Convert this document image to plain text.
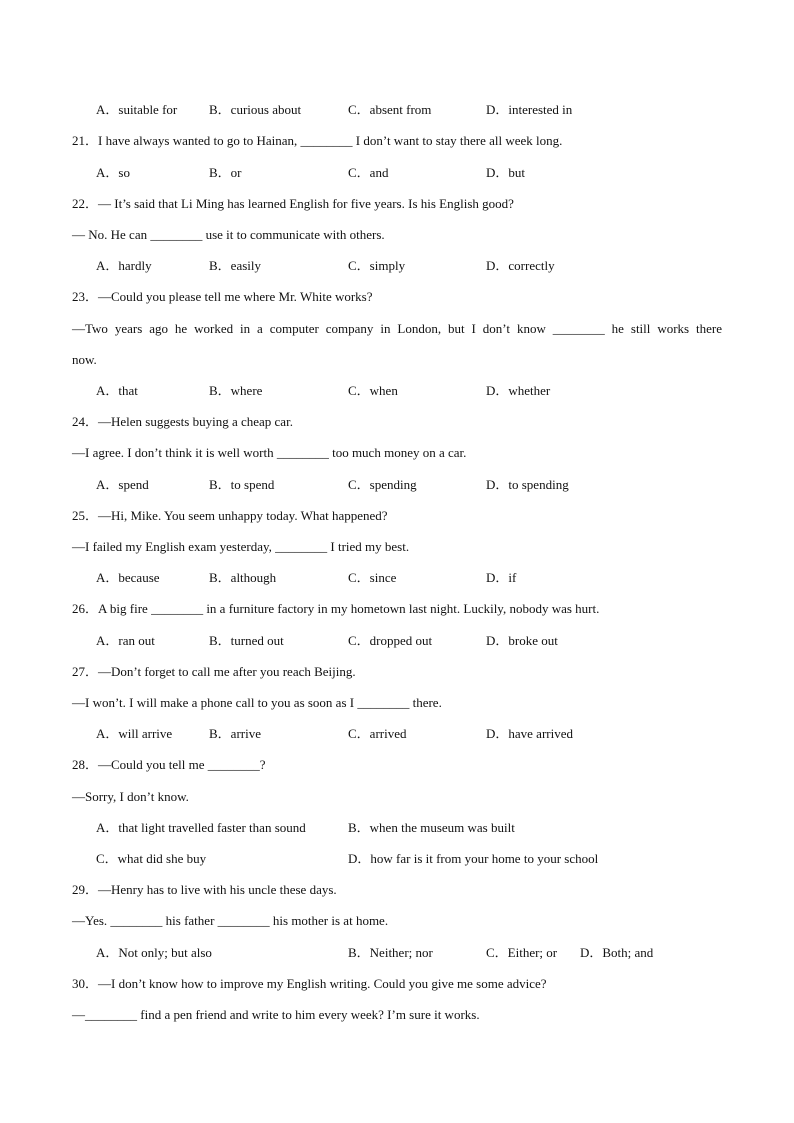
A．suitable for B．curious about	C．absent from	D．interested in
21．I have always wanted to go to Hainan, ________ I don’t want to stay there all week long.
A．so	B．or	C．and	D．but
22．— It’s said that Li Ming has learned English for five years. Is his English good?
— No. He can ________ use it to communicate with others.
A．hardly	B．easily	C．simply	D．correctly
23．—Could you please tell me where Mr. White works?
—Two years ago he worked in a computer company in London, but I don’t know ________ he still works there
now.
A．that	B．where	C．when	D．whether
24．—Helen suggests buying a cheap car.
—I agree. I don’t think it is well worth ________ too much money on a car.
A．spend	B．to spend	C．spending	D．to spending
25．—Hi, Mike. You seem unhappy today. What happened?
—I failed my English exam yesterday, ________ I tried my best.
A．because	B．although	C．since	D．if
26．A big fire ________ in a furniture factory in my hometown last night. Luckily, nobody was hurt.
A．ran out	B．turned out	C．dropped out	D．broke out
27．—Don’t forget to call me after you reach Beijing.
—I won’t. I will make a phone call to you as soon as I ________ there.
A．will arrive	B．arrive	C．arrived	D．have arrived
28．—Could you tell me ________?
—Sorry, I don’t know.
A．that light travelled faster than sound	B．when the museum was built
C．what did she buy	D．how far is it from your home to your school
29．—Henry has to live with his uncle these days.
—Yes. ________ his father ________ his mother is at home.
A．Not only; but also	B．Neither; nor	C．Either; or D．Both; and
30．—I don’t know how to improve my English writing. Could you give me some advice?
—________ find a pen friend and write to him every week? I’m sure it works.
